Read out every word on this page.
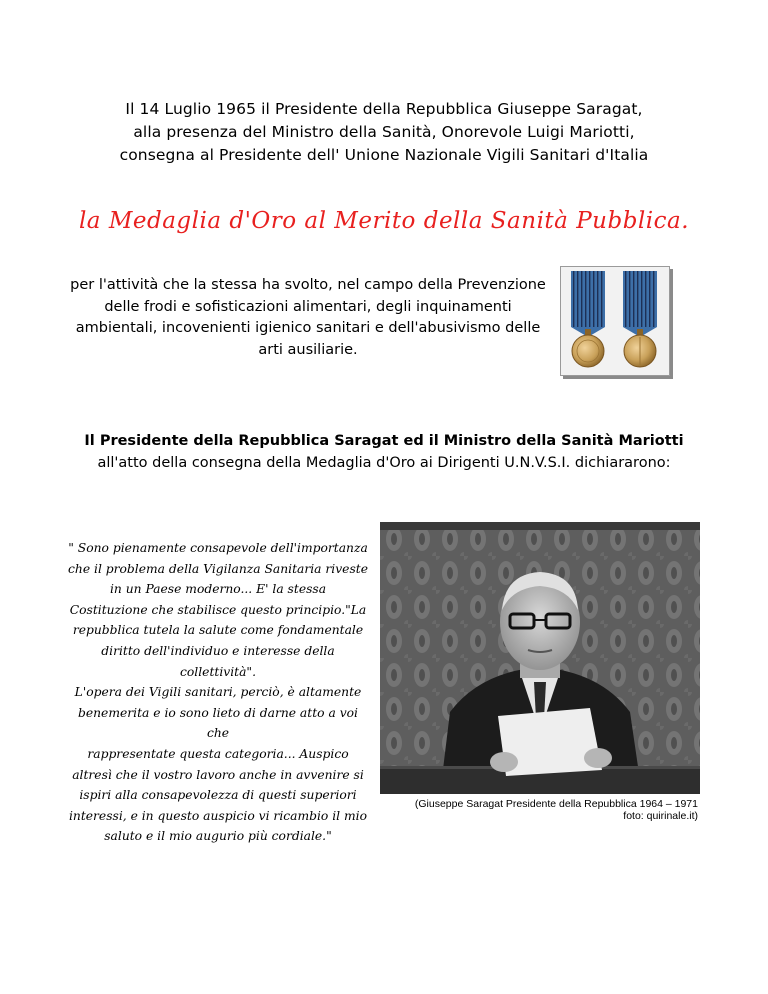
Il 14 Luglio 1965 il Presidente della Repubblica Giuseppe Saragat,

alla presenza del Ministro della Sanità, Onorevole Luigi Mariotti,

consegna al Presidente dell' Unione Nazionale Vigili Sanitari d'Italia

la Medaglia d'Oro al Merito della Sanità Pubblica.

per l'attività che la stessa ha svolto, nel campo della Prevenzione

delle frodi e sofisticazioni alimentari, degli inquinamenti

ambientali, incovenienti igienico sanitari e dell'abusivismo delle

arti ausiliarie.

Il Presidente della Repubblica Saragat ed il Ministro della Sanità Mariotti

all'atto della consegna della Medaglia d'Oro ai Dirigenti U.N.V.S.I. dichiararono:

" Sono pienamente consapevole dell'importanza

che il problema della Vigilanza Sanitaria riveste

in un Paese moderno... E' la stessa

Costituzione che stabilisce questo principio."La

repubblica tutela la salute come fondamentale

diritto dell'individuo e interesse della collettività".

L'opera dei Vigili sanitari, perciò, è altamente

benemerita e io sono lieto di darne atto a voi che

rappresentate questa categoria... Auspico

altresì che il vostro lavoro anche in avvenire si

ispiri alla consapevolezza di questi superiori

interessi, e in questo auspicio vi ricambio il mio

saluto e il mio augurio più cordiale."

(Giuseppe Saragat Presidente della Repubblica 1964 – 1971

foto: quirinale.it)
